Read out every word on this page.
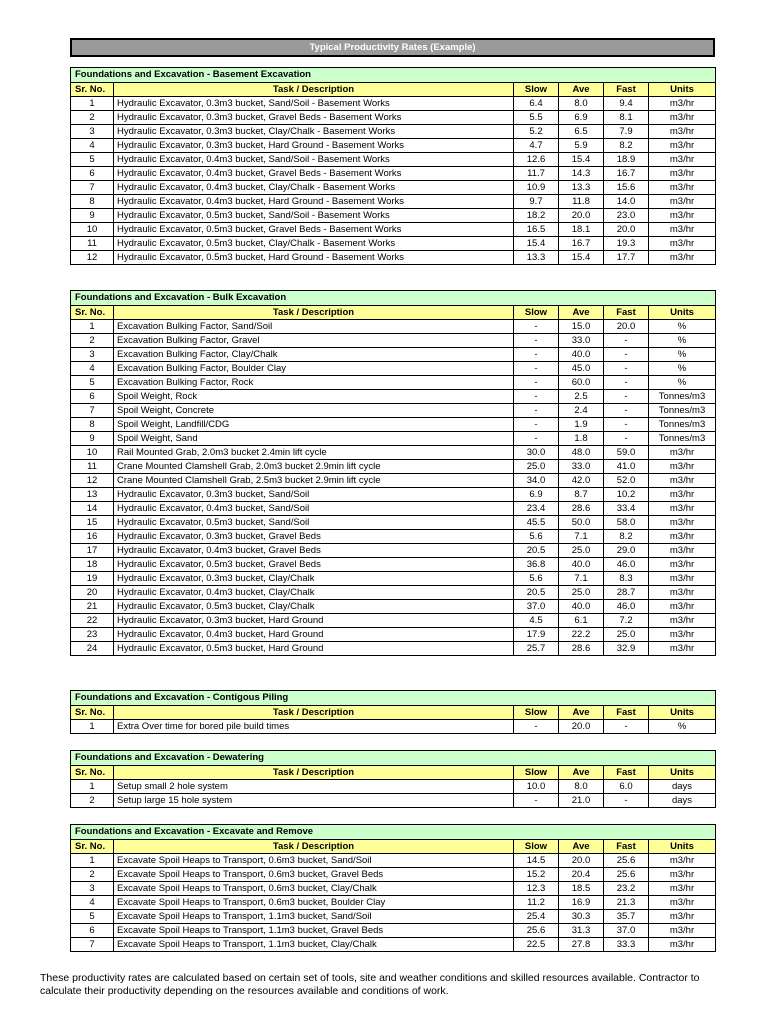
Typical Productivity Rates (Example)
Foundations and Excavation - Basement Excavation					
Sr. No.	Task / Description	Slow	Ave	Fast	Units
1	Hydraulic Excavator, 0.3m3 bucket, Sand/Soil - Basement Works	6.4	8.0	9.4	m3/hr
2	Hydraulic Excavator, 0.3m3 bucket, Gravel Beds - Basement Works	5.5	6.9	8.1	m3/hr
3	Hydraulic Excavator, 0.3m3 bucket, Clay/Chalk - Basement Works	5.2	6.5	7.9	m3/hr
4	Hydraulic Excavator, 0.3m3 bucket, Hard Ground - Basement Works	4.7	5.9	8.2	m3/hr
5	Hydraulic Excavator, 0.4m3 bucket, Sand/Soil - Basement Works	12.6	15.4	18.9	m3/hr
6	Hydraulic Excavator, 0.4m3 bucket, Gravel Beds - Basement Works	11.7	14.3	16.7	m3/hr
7	Hydraulic Excavator, 0.4m3 bucket, Clay/Chalk - Basement Works	10.9	13.3	15.6	m3/hr
8	Hydraulic Excavator, 0.4m3 bucket, Hard Ground - Basement Works	9.7	11.8	14.0	m3/hr
9	Hydraulic Excavator, 0.5m3 bucket, Sand/Soil - Basement Works	18.2	20.0	23.0	m3/hr
10	Hydraulic Excavator, 0.5m3 bucket, Gravel Beds - Basement Works	16.5	18.1	20.0	m3/hr
11	Hydraulic Excavator, 0.5m3 bucket, Clay/Chalk - Basement Works	15.4	16.7	19.3	m3/hr
12	Hydraulic Excavator, 0.5m3 bucket, Hard Ground - Basement Works	13.3	15.4	17.7	m3/hr
Foundations and Excavation - Bulk Excavation					
Sr. No.	Task / Description	Slow	Ave	Fast	Units
1	Excavation Bulking Factor, Sand/Soil	-	15.0	20.0	%
2	Excavation Bulking Factor, Gravel	-	33.0	-	%
3	Excavation Bulking Factor, Clay/Chalk	-	40.0	-	%
4	Excavation Bulking Factor, Boulder Clay	-	45.0	-	%
5	Excavation Bulking Factor, Rock	-	60.0	-	%
6	Spoil Weight, Rock	-	2.5	-	Tonnes/m3
7	Spoil Weight, Concrete	-	2.4	-	Tonnes/m3
8	Spoil Weight, Landfill/CDG	-	1.9	-	Tonnes/m3
9	Spoil Weight, Sand	-	1.8	-	Tonnes/m3
10	Rail Mounted Grab, 2.0m3 bucket 2.4min lift cycle	30.0	48.0	59.0	m3/hr
11	Crane Mounted Clamshell Grab, 2.0m3 bucket 2.9min lift cycle	25.0	33.0	41.0	m3/hr
12	Crane Mounted Clamshell Grab, 2.5m3 bucket 2.9min lift cycle	34.0	42.0	52.0	m3/hr
13	Hydraulic Excavator, 0.3m3 bucket, Sand/Soil	6.9	8.7	10.2	m3/hr
14	Hydraulic Excavator, 0.4m3 bucket, Sand/Soil	23.4	28.6	33.4	m3/hr
15	Hydraulic Excavator, 0.5m3 bucket, Sand/Soil	45.5	50.0	58.0	m3/hr
16	Hydraulic Excavator, 0.3m3 bucket, Gravel Beds	5.6	7.1	8.2	m3/hr
17	Hydraulic Excavator, 0.4m3 bucket, Gravel Beds	20.5	25.0	29.0	m3/hr
18	Hydraulic Excavator, 0.5m3 bucket, Gravel Beds	36.8	40.0	46.0	m3/hr
19	Hydraulic Excavator, 0.3m3 bucket, Clay/Chalk	5.6	7.1	8.3	m3/hr
20	Hydraulic Excavator, 0.4m3 bucket, Clay/Chalk	20.5	25.0	28.7	m3/hr
21	Hydraulic Excavator, 0.5m3 bucket, Clay/Chalk	37.0	40.0	46.0	m3/hr
22	Hydraulic Excavator, 0.3m3 bucket, Hard Ground	4.5	6.1	7.2	m3/hr
23	Hydraulic Excavator, 0.4m3 bucket, Hard Ground	17.9	22.2	25.0	m3/hr
24	Hydraulic Excavator, 0.5m3 bucket, Hard Ground	25.7	28.6	32.9	m3/hr
Foundations and Excavation - Contigous Piling					
Sr. No.	Task / Description	Slow	Ave	Fast	Units
1	Extra Over time for bored pile build times	-	20.0	-	%
Foundations and Excavation - Dewatering					
Sr. No.	Task / Description	Slow	Ave	Fast	Units
1	Setup small 2 hole system	10.0	8.0	6.0	days
2	Setup large 15 hole system	-	21.0	-	days
Foundations and Excavation - Excavate and Remove					
Sr. No.	Task / Description	Slow	Ave	Fast	Units
1	Excavate Spoil Heaps to Transport, 0.6m3 bucket, Sand/Soil	14.5	20.0	25.6	m3/hr
2	Excavate Spoil Heaps to Transport, 0.6m3 bucket, Gravel Beds	15.2	20.4	25.6	m3/hr
3	Excavate Spoil Heaps to Transport, 0.6m3 bucket, Clay/Chalk	12.3	18.5	23.2	m3/hr
4	Excavate Spoil Heaps to Transport, 0.6m3 bucket, Boulder Clay	11.2	16.9	21.3	m3/hr
5	Excavate Spoil Heaps to Transport, 1.1m3 bucket, Sand/Soil	25.4	30.3	35.7	m3/hr
6	Excavate Spoil Heaps to Transport, 1.1m3 bucket, Gravel Beds	25.6	31.3	37.0	m3/hr
7	Excavate Spoil Heaps to Transport, 1.1m3 bucket, Clay/Chalk	22.5	27.8	33.3	m3/hr
These productivity rates are calculated based on certain set of tools, site and weather conditions and skilled resources available. Contractor to calculate their productivity depending on the resources available and conditions of work.
